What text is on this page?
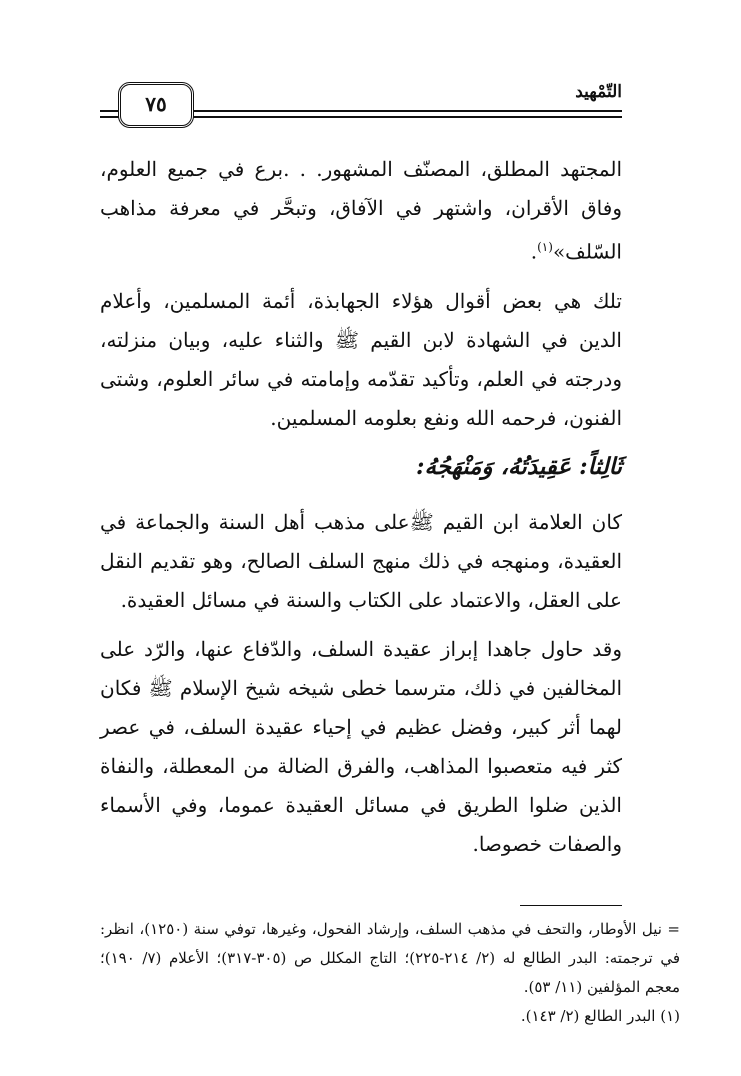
التّمْهيد
٧٥
المجتهد المطلق، المصنّف المشهور. . .برع في جميع العلوم، وفاق الأقران، واشتهر في الآفاق، وتبحَّر في معرفة مذاهب السّلف»$^{(١)}$.
تلك هي بعض أقوال هؤلاء الجهابذة، أئمة المسلمين، وأعلام الدين في الشهادة لابن القيم ﷺ والثناء عليه، وبيان منزلته، ودرجته في العلم، وتأكيد تقدّمه وإمامته في سائر العلوم، وشتى الفنون، فرحمه الله ونفع بعلومه المسلمين.
ثَالِثاً: عَقِيدَتُهُ، وَمَنْهَجُهُ:
كان العلامة ابن القيم ﷺعلى مذهب أهل السنة والجماعة في العقيدة، ومنهجه في ذلك منهج السلف الصالح، وهو تقديم النقل على العقل، والاعتماد على الكتاب والسنة في مسائل العقيدة.
وقد حاول جاهدا إبراز عقيدة السلف، والدّفاع عنها، والرّد على المخالفين في ذلك، مترسما خطى شيخه شيخ الإسلام ﷺ فكان لهما أثر كبير، وفضل عظيم في إحياء عقيدة السلف، في عصر كثر فيه متعصبوا المذاهب، والفرق الضالة من المعطلة، والنفاة الذين ضلوا الطريق في مسائل العقيدة عموما، وفي الأسماء والصفات خصوصا.
= نيل الأوطار، والتحف في مذهب السلف، وإرشاد الفحول، وغيرها، توفي سنة (١٢٥٠)، انظر: في ترجمته: البدر الطالع له (٢/ ٢١٤-٢٢٥)؛ التاج المكلل ص (٣٠٥-٣١٧)؛ الأعلام (٧/ ١٩٠)؛ معجم المؤلفين (١١/ ٥٣).
(١) البدر الطالع (٢/ ١٤٣).
